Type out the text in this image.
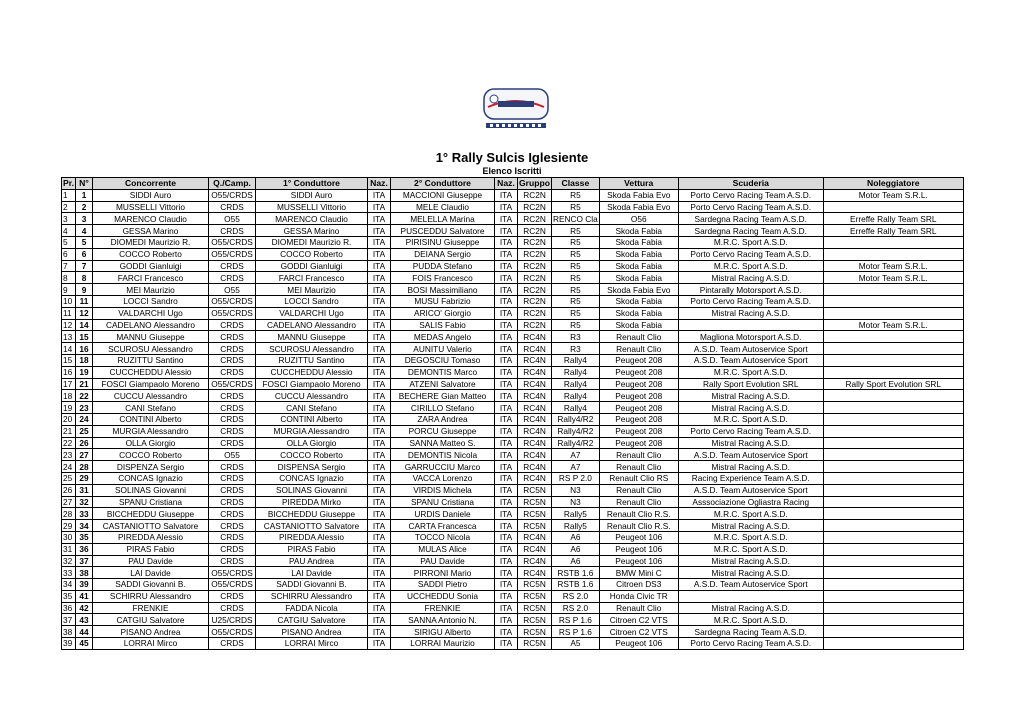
1° Rally Sulcis Iglesiente
Elenco Iscritti
Pr.	N°	Concorrente	Q./Camp.	1° Conduttore	Naz.	2° Conduttore	Naz.	Gruppo	Classe	Vettura	Scuderia	Noleggiatore
1	1	SIDDI Auro	O55/CRDS	SIDDI Auro	ITA	MACCIONI Giuseppe	ITA	RC2N	R5	Skoda Fabia Evo	Porto Cervo Racing Team A.S.D.	Motor Team S.R.L.
2	2	MUSSELLI Vittorio	CRDS	MUSSELLI Vittorio	ITA	MELE Claudio	ITA	RC2N	R5	Skoda Fabia Evo	Porto Cervo Racing Team A.S.D.	
3	3	MARENCO Claudio	O55	MARENCO Claudio	ITA	MELELLA Marina	ITA	RC2N	RENCO Cla	O56	Sardegna Racing Team A.S.D.	Erreffe Rally Team SRL
4	4	GESSA Marino	CRDS	GESSA Marino	ITA	PUSCEDDU Salvatore	ITA	RC2N	R5	Skoda Fabia	Sardegna Racing Team A.S.D.	Erreffe Rally Team SRL
5	5	DIOMEDI Maurizio R.	O55/CRDS	DIOMEDI Maurizio R.	ITA	PIRISINU Giuseppe	ITA	RC2N	R5	Skoda Fabia	M.R.C. Sport A.S.D.	
6	6	COCCO Roberto	O55/CRDS	COCCO Roberto	ITA	DEIANA Sergio	ITA	RC2N	R5	Skoda Fabia	Porto Cervo Racing Team A.S.D.	
7	7	GODDI Gianluigi	CRDS	GODDI Gianluigi	ITA	PUDDA Stefano	ITA	RC2N	R5	Skoda Fabia	M.R.C. Sport A.S.D.	Motor Team S.R.L.
8	8	FARCI Francesco	CRDS	FARCI Francesco	ITA	FOIS Francesco	ITA	RC2N	R5	Skoda Fabia	Mistral Racing A.S.D.	Motor Team S.R.L.
9	9	MEI Maurizio	O55	MEI Maurizio	ITA	BOSI Massimiliano	ITA	RC2N	R5	Skoda Fabia Evo	Pintarally Motorsport A.S.D.	
10	11	LOCCI Sandro	O55/CRDS	LOCCI Sandro	ITA	MUSU Fabrizio	ITA	RC2N	R5	Skoda Fabia	Porto Cervo Racing Team A.S.D.	
11	12	VALDARCHI Ugo	O55/CRDS	VALDARCHI Ugo	ITA	ARICO' Giorgio	ITA	RC2N	R5	Skoda Fabia	Mistral Racing A.S.D.	
12	14	CADELANO Alessandro	CRDS	CADELANO Alessandro	ITA	SALIS Fabio	ITA	RC2N	R5	Skoda Fabia		Motor Team S.R.L.
13	15	MANNU Giuseppe	CRDS	MANNU Giuseppe	ITA	MEDAS Angelo	ITA	RC4N	R3	Renault Clio	Magliona Motorsport A.S.D.	
14	16	SCUROSU Alessandro	CRDS	SCUROSU Alessandro	ITA	AUNITU Valerio	ITA	RC4N	R3	Renault Clio	A.S.D. Team Autoservice Sport	
15	18	RUZITTU Santino	CRDS	RUZITTU Santino	ITA	DEGOSCIU Tomaso	ITA	RC4N	Rally4	Peugeot 208	A.S.D. Team Autoservice Sport	
16	19	CUCCHEDDU Alessio	CRDS	CUCCHEDDU Alessio	ITA	DEMONTIS Marco	ITA	RC4N	Rally4	Peugeot 208	M.R.C. Sport A.S.D.	
17	21	FOSCI Giampaolo Moreno	O55/CRDS	FOSCI Giampaolo Moreno	ITA	ATZENI Salvatore	ITA	RC4N	Rally4	Peugeot 208	Rally Sport Evolution SRL	Rally Sport Evolution SRL
18	22	CUCCU Alessandro	CRDS	CUCCU Alessandro	ITA	BECHERE Gian Matteo	ITA	RC4N	Rally4	Peugeot 208	Mistral Racing A.S.D.	
19	23	CANI Stefano	CRDS	CANI Stefano	ITA	CIRILLO Stefano	ITA	RC4N	Rally4	Peugeot 208	Mistral Racing A.S.D.	
20	24	CONTINI Alberto	CRDS	CONTINI Alberto	ITA	ZARA Andrea	ITA	RC4N	Rally4/R2	Peugeot 208	M.R.C. Sport A.S.D.	
21	25	MURGIA Alessandro	CRDS	MURGIA Alessandro	ITA	PORCU Giuseppe	ITA	RC4N	Rally4/R2	Peugeot 208	Porto Cervo Racing Team A.S.D.	
22	26	OLLA Giorgio	CRDS	OLLA Giorgio	ITA	SANNA Matteo S.	ITA	RC4N	Rally4/R2	Peugeot 208	Mistral Racing A.S.D.	
23	27	COCCO Roberto	O55	COCCO Roberto	ITA	DEMONTIS Nicola	ITA	RC4N	A7	Renault Clio	A.S.D. Team Autoservice Sport	
24	28	DISPENZA Sergio	CRDS	DISPENSA Sergio	ITA	GARRUCCIU Marco	ITA	RC4N	A7	Renault Clio	Mistral Racing A.S.D.	
25	29	CONCAS Ignazio	CRDS	CONCAS Ignazio	ITA	VACCA Lorenzo	ITA	RC4N	RS P 2.0	Renault Clio RS	Racing Experience Team A.S.D.	
26	31	SOLINAS Giovanni	CRDS	SOLINAS Giovanni	ITA	VIRDIS Michela	ITA	RC5N	N3	Renault Clio	A.S.D. Team Autoservice Sport	
27	32	SPANU Cristiana	CRDS	PIREDDA Mirko	ITA	SPANU Cristiana	ITA	RC5N	N3	Renault Clio	Asssociazione Ogliastra Racing	
28	33	BICCHEDDU Giuseppe	CRDS	BICCHEDDU Giuseppe	ITA	URDIS Daniele	ITA	RC5N	Rally5	Renault Clio R.S.	M.R.C. Sport A.S.D.	
29	34	CASTANIOTTO Salvatore	CRDS	CASTANIOTTO Salvatore	ITA	CARTA Francesca	ITA	RC5N	Rally5	Renault Clio R.S.	Mistral Racing A.S.D.	
30	35	PIREDDA Alessio	CRDS	PIREDDA Alessio	ITA	TOCCO Nicola	ITA	RC4N	A6	Peugeot 106	M.R.C. Sport A.S.D.	
31	36	PIRAS Fabio	CRDS	PIRAS Fabio	ITA	MULAS Alice	ITA	RC4N	A6	Peugeot 106	M.R.C. Sport A.S.D.	
32	37	PAU Davide	CRDS	PAU Andrea	ITA	PAU Davide	ITA	RC4N	A6	Peugeot 106	Mistral Racing A.S.D.	
33	38	LAI Davide	O55/CRDS	LAI Davide	ITA	PIRRONI Mario	ITA	RC4N	RSTB 1.6	BMW Mini C	Mistral Racing A.S.D.	
34	39	SADDI Giovanni B.	O55/CRDS	SADDI Giovanni B.	ITA	SADDI Pietro	ITA	RC5N	RSTB 1.6	Citroen DS3	A.S.D. Team Autoservice Sport	
35	41	SCHIRRU Alessandro	CRDS	SCHIRRU Alessandro	ITA	UCCHEDDU Sonia	ITA	RC5N	RS 2.0	Honda Civic TR		
36	42	FRENKIE	CRDS	FADDA Nicola	ITA	FRENKIE	ITA	RC5N	RS 2.0	Renault Clio	Mistral Racing A.S.D.	
37	43	CATGIU Salvatore	U25/CRDS	CATGIU Salvatore	ITA	SANNA Antonio N.	ITA	RC5N	RS P 1.6	Citroen C2 VTS	M.R.C. Sport A.S.D.	
38	44	PISANO Andrea	O55/CRDS	PISANO Andrea	ITA	SIRIGU Alberto	ITA	RC5N	RS P 1.6	Citroen C2 VTS	Sardegna Racing Team A.S.D.	
39	45	LORRAI Mirco	CRDS	LORRAI Mirco	ITA	LORRAI Maurizio	ITA	RC5N	A5	Peugeot 106	Porto Cervo Racing Team A.S.D.	
